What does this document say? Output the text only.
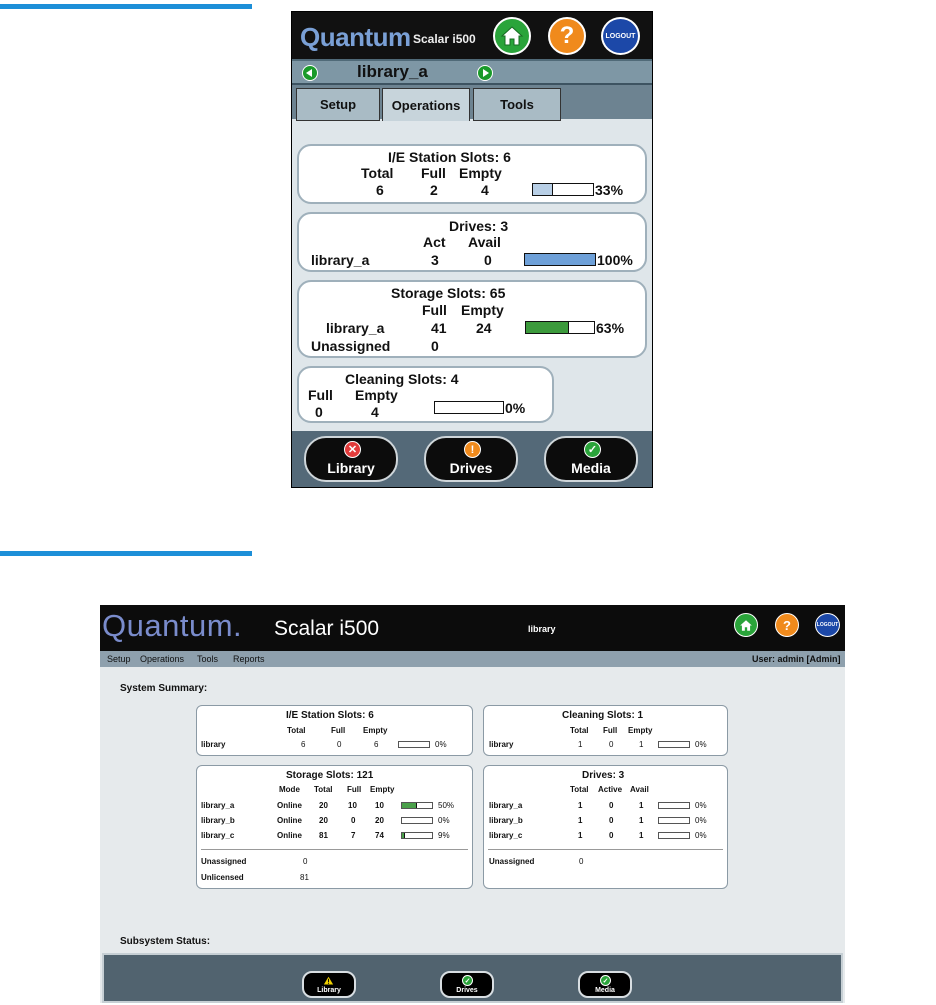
Quantum Scalar i500	?	LOGOUT
library_a
Setup	Operations	Tools
I/E Station Slots: 6
Total Full Empty
6	2	4	33%
Drives: 3
Act Avail
library_a	3	0	100%
Storage Slots: 65
Full Empty
library_a	41 24	63%
Unassigned	0
Cleaning Slots: 4
Full Empty
0	4	0%
✕
Library
!
Drives
✓
Media
Quantum. Scalar i500	library	?	LOGOUT
Setup Operations Tools Reports	User: admin [Admin]
System Summary:
I/E Station Slots: 6
Total	Full Empty
library	6	0	6	0%
Cleaning Slots: 1
Total Full Empty
library	1	0	1	0%
Storage Slots: 121
Mode Total Full Empty
library_a	Online 20	10 10	50%
library_b	Online 20	0 20	0%
library_c	Online 81	7 74	9%
Unassigned	0
Unlicensed	81
Drives: 3
Total Active Avail
library_a	1	0	1	0%
library_b	1	0	1	0%
library_c	1	0	1	0%
Unassigned	0
Subsystem Status:
Library
✓
Drives
✓
Media
